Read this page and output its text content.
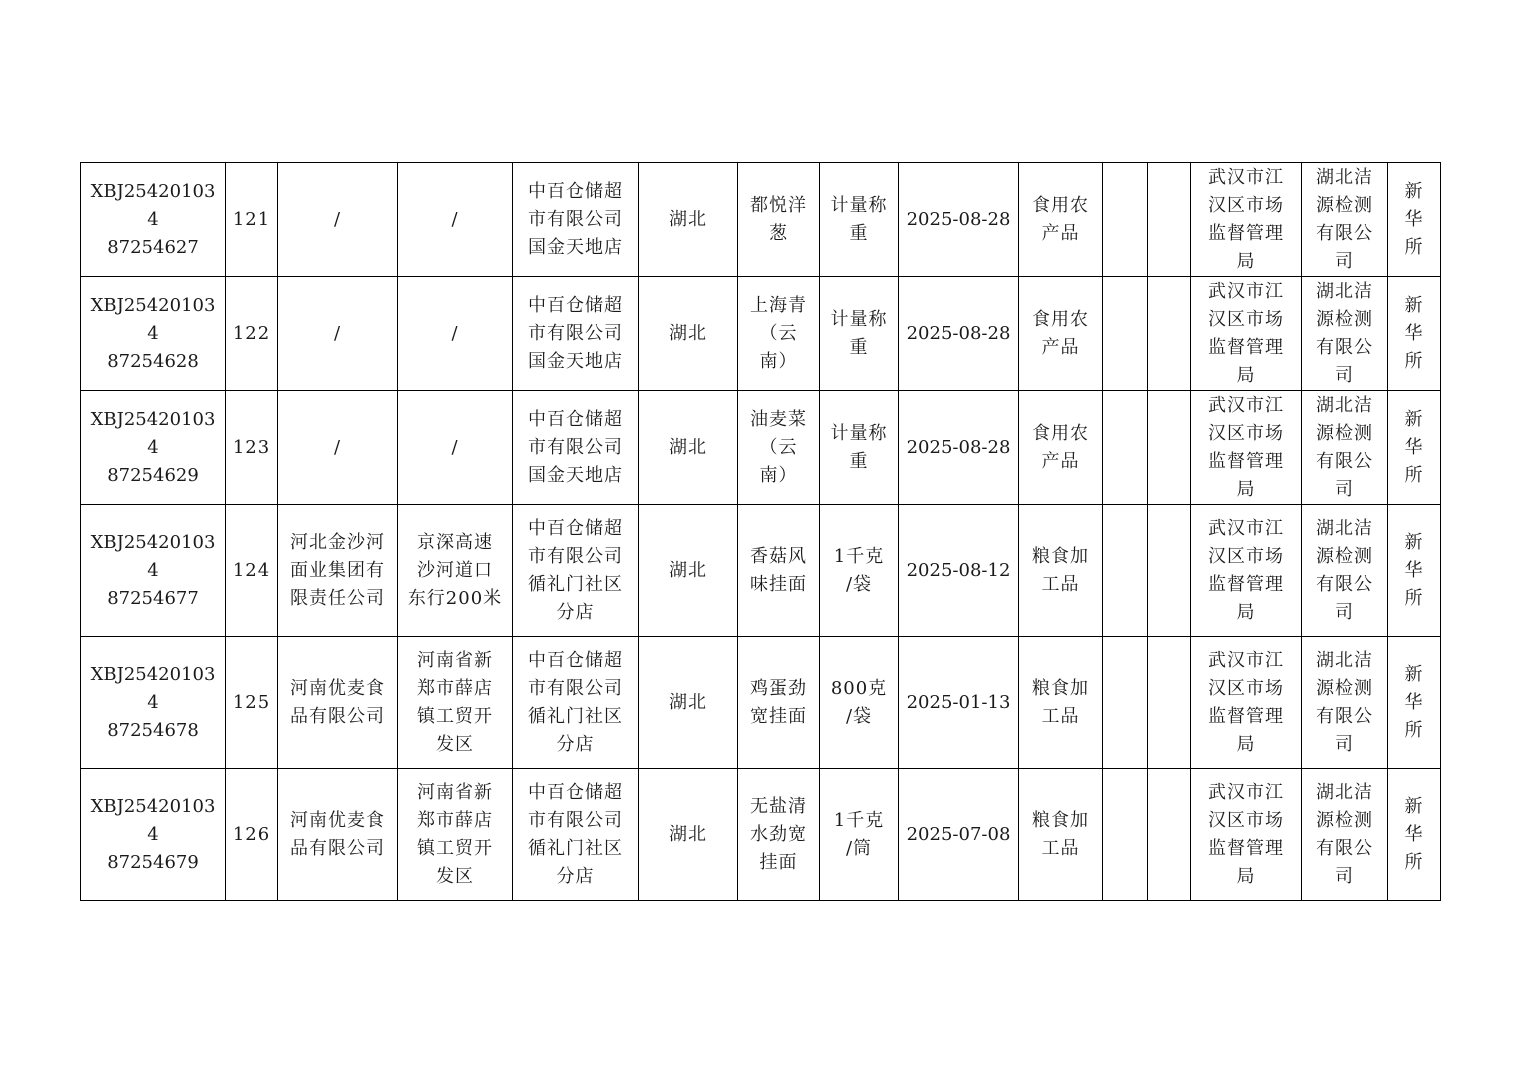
XBJ254201034
87254627	121	/	/	中百仓储超
市有限公司
国金天地店	湖北	都悦洋
葱	计量称
重	2025-08-28	食用农
产品			武汉市江
汉区市场
监督管理
局	湖北洁
源检测
有限公
司	新
华
所
XBJ254201034
87254628	122	/	/	中百仓储超
市有限公司
国金天地店	湖北	上海青
（云
南）	计量称
重	2025-08-28	食用农
产品			武汉市江
汉区市场
监督管理
局	湖北洁
源检测
有限公
司	新
华
所
XBJ254201034
87254629	123	/	/	中百仓储超
市有限公司
国金天地店	湖北	油麦菜
（云
南）	计量称
重	2025-08-28	食用农
产品			武汉市江
汉区市场
监督管理
局	湖北洁
源检测
有限公
司	新
华
所
XBJ254201034
87254677	124	河北金沙河
面业集团有
限责任公司	京深高速
沙河道口
东行200米	中百仓储超
市有限公司
循礼门社区
分店	湖北	香菇风
味挂面	1千克
/袋	2025-08-12	粮食加
工品			武汉市江
汉区市场
监督管理
局	湖北洁
源检测
有限公
司	新
华
所
XBJ254201034
87254678	125	河南优麦食
品有限公司	河南省新
郑市薛店
镇工贸开
发区	中百仓储超
市有限公司
循礼门社区
分店	湖北	鸡蛋劲
宽挂面	800克
/袋	2025-01-13	粮食加
工品			武汉市江
汉区市场
监督管理
局	湖北洁
源检测
有限公
司	新
华
所
XBJ254201034
87254679	126	河南优麦食
品有限公司	河南省新
郑市薛店
镇工贸开
发区	中百仓储超
市有限公司
循礼门社区
分店	湖北	无盐清
水劲宽
挂面	1千克
/筒	2025-07-08	粮食加
工品			武汉市江
汉区市场
监督管理
局	湖北洁
源检测
有限公
司	新
华
所
